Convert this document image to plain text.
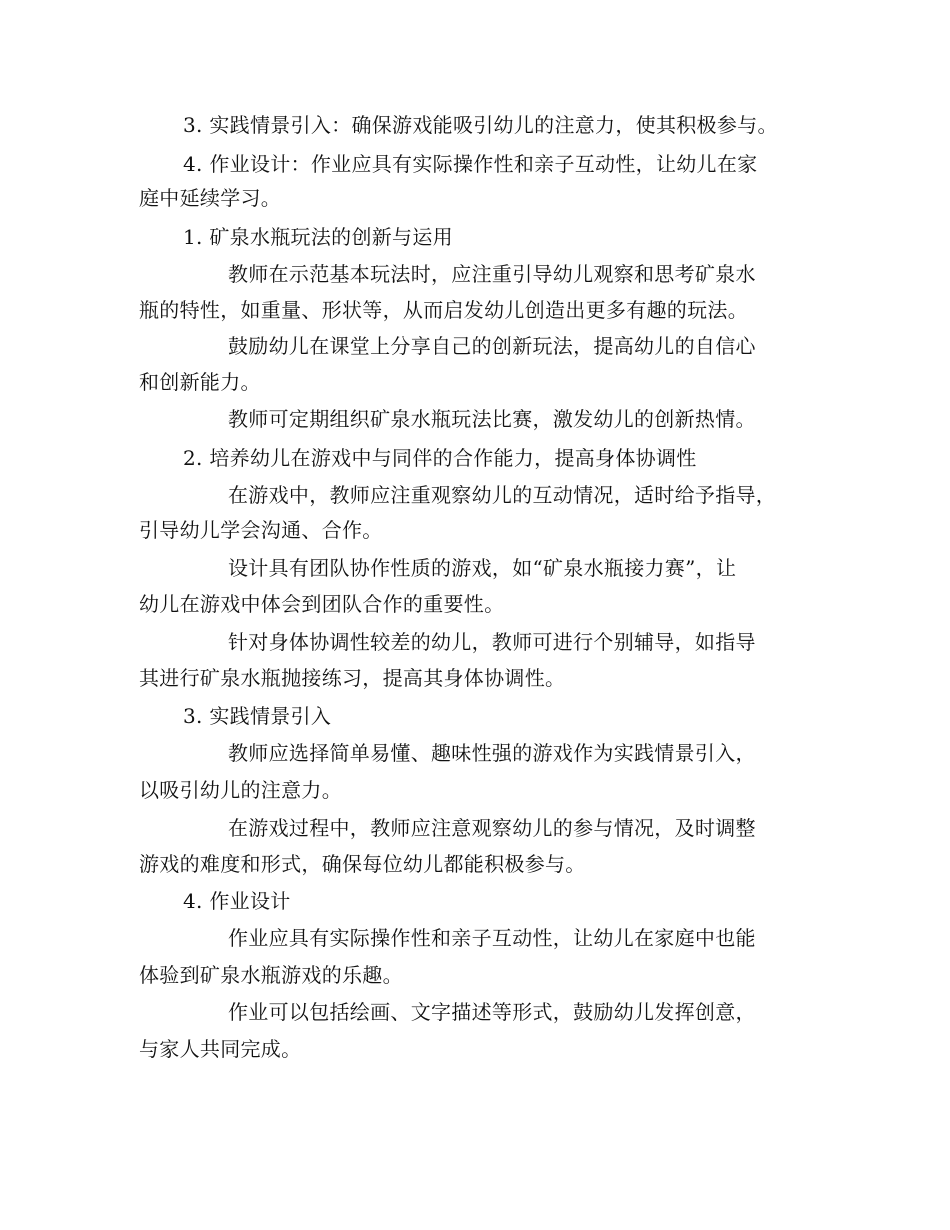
3. 实践情景引入：确保游戏能吸引幼儿的注意力，使其积极参与。
4. 作业设计：作业应具有实际操作性和亲子互动性，让幼儿在家
庭中延续学习。
1. 矿泉水瓶玩法的创新与运用
教师在示范基本玩法时，应注重引导幼儿观察和思考矿泉水
瓶的特性，如重量、形状等，从而启发幼儿创造出更多有趣的玩法。
鼓励幼儿在课堂上分享自己的创新玩法，提高幼儿的自信心
和创新能力。
教师可定期组织矿泉水瓶玩法比赛，激发幼儿的创新热情。
2. 培养幼儿在游戏中与同伴的合作能力，提高身体协调性
在游戏中，教师应注重观察幼儿的互动情况，适时给予指导，
引导幼儿学会沟通、合作。
设计具有团队协作性质的游戏，如“矿泉水瓶接力赛”，让
幼儿在游戏中体会到团队合作的重要性。
针对身体协调性较差的幼儿，教师可进行个别辅导，如指导
其进行矿泉水瓶抛接练习，提高其身体协调性。
3. 实践情景引入
教师应选择简单易懂、趣味性强的游戏作为实践情景引入，
以吸引幼儿的注意力。
在游戏过程中，教师应注意观察幼儿的参与情况，及时调整
游戏的难度和形式，确保每位幼儿都能积极参与。
4. 作业设计
作业应具有实际操作性和亲子互动性，让幼儿在家庭中也能
体验到矿泉水瓶游戏的乐趣。
作业可以包括绘画、文字描述等形式，鼓励幼儿发挥创意，
与家人共同完成。
